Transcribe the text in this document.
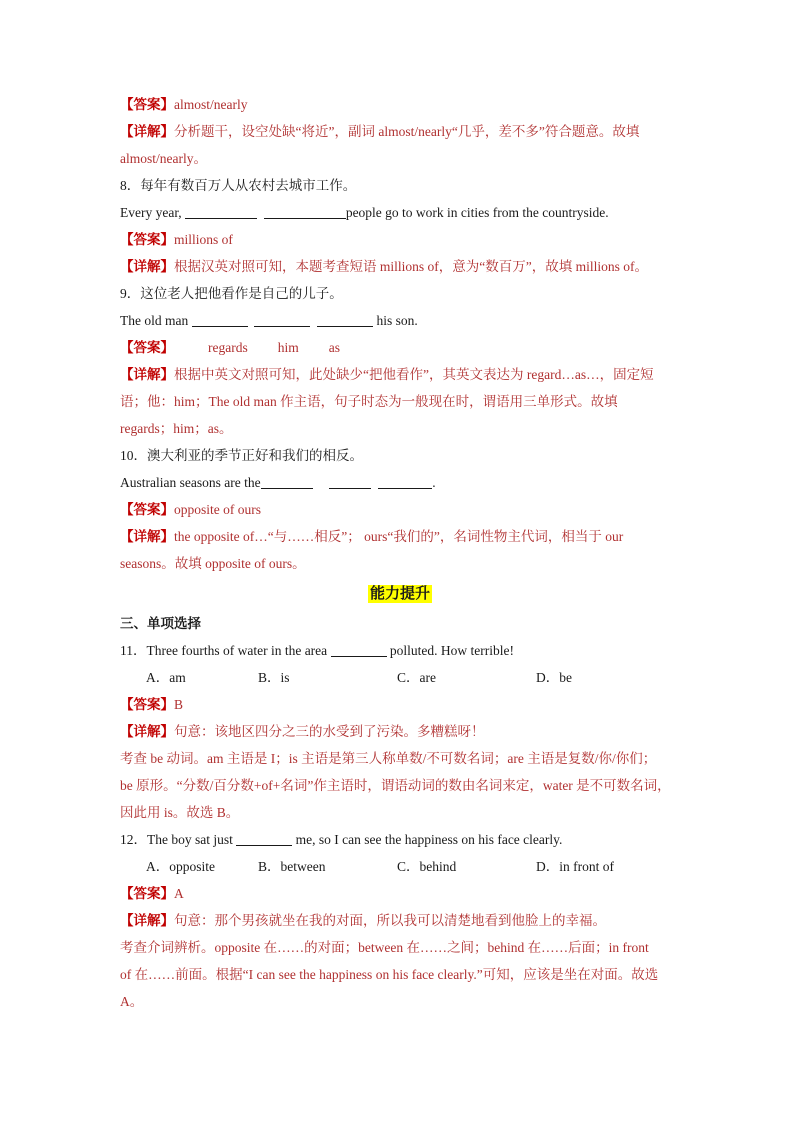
【答案】almost/nearly
【详解】分析题干，设空处缺“将近”，副词 almost/nearly“几乎，差不多”符合题意。故填
almost/nearly。
8．每年有数百万人从农村去城市工作。
Every year,	people go to work in cities from the countryside.
【答案】millions of
【详解】根据汉英对照可知，本题考查短语 millions of，意为“数百万”，故填 millions of。
9．这位老人把他看作是自己的儿子。
The old man	his son.
【答案】	regards him as
【详解】根据中英文对照可知，此处缺少“把他看作”，其英文表达为 regard…as…，固定短
语；他：him；The old man 作主语，句子时态为一般现在时，谓语用三单形式。故填
regards；him；as。
10．澳大利亚的季节正好和我们的相反。
Australian seasons are the	.
【答案】opposite of ours
【详解】the opposite of…“与……相反”； ours“我们的”，名词性物主代词，相当于 our
seasons。故填 opposite of ours。
能力提升
三、单项选择
11．Three fourths of water in the area	polluted. How terrible!
A．am	B．is	C．are	D．be
【答案】B
【详解】句意：该地区四分之三的水受到了污染。多糟糕呀！
考查 be 动词。am 主语是 I；is 主语是第三人称单数/不可数名词；are 主语是复数/你/你们；
be 原形。“分数/百分数+of+名词”作主语时，谓语动词的数由名词来定，water 是不可数名词，
因此用 is。故选 B。
12．The boy sat just	me, so I can see the happiness on his face clearly.
A．opposite	B．between	C．behind	D．in front of
【答案】A
【详解】句意：那个男孩就坐在我的对面，所以我可以清楚地看到他脸上的幸福。
考查介词辨析。opposite 在……的对面；between 在……之间；behind 在……后面；in front
of 在……前面。根据“I can see the happiness on his face clearly.”可知，应该是坐在对面。故选
A。
